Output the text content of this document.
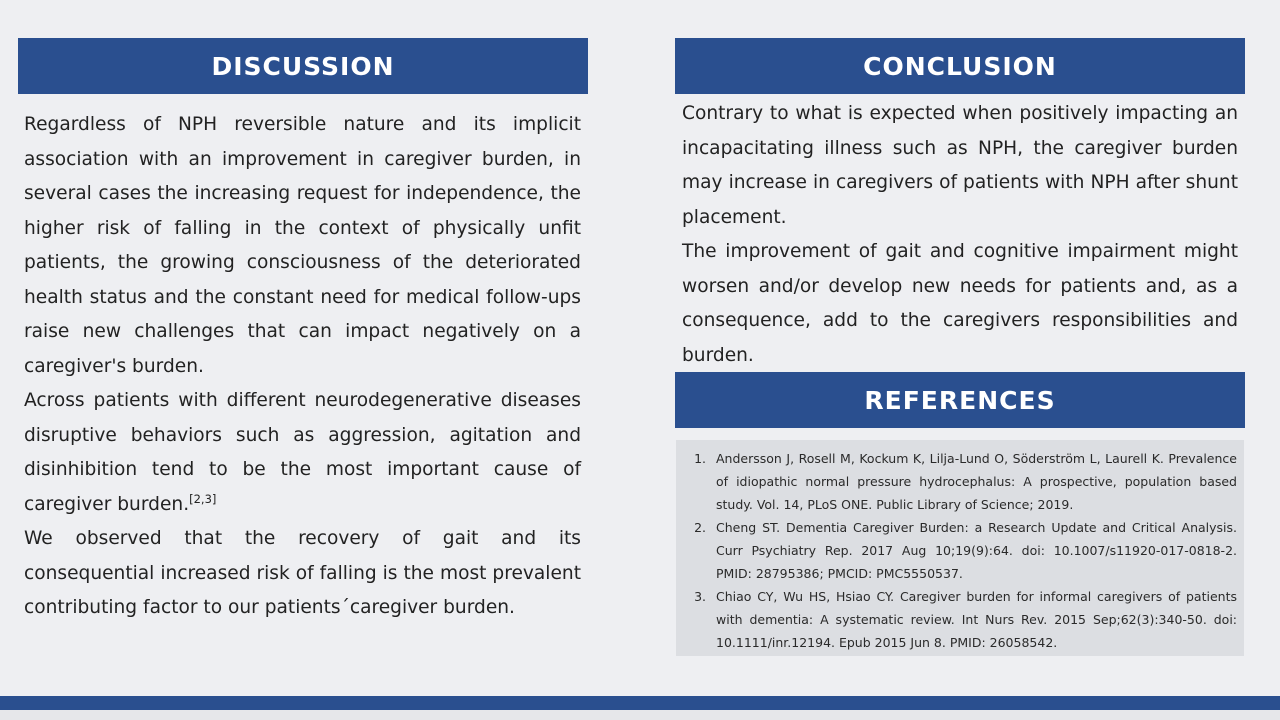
DISCUSSION

Regardless of NPH reversible nature and its implicit association with an improvement in caregiver burden, in several cases the increasing request for independence, the higher risk of falling in the context of physically unfit patients, the growing consciousness of the deteriorated health status and the constant need for medical follow-ups raise new challenges that can impact negatively on a caregiver's burden.

Across patients with different neurodegenerative diseases disruptive behaviors such as aggression, agitation and disinhibition tend to be the most important cause of caregiver burden.[2,3]

We observed that the recovery of gait and its consequential increased risk of falling is the most prevalent contributing factor to our patients´caregiver burden.

CONCLUSION

Contrary to what is expected when positively impacting an incapacitating illness such as NPH, the caregiver burden may increase in caregivers of patients with NPH after shunt placement.

The improvement of gait and cognitive impairment might worsen and/or develop new needs for patients and, as a consequence, add to the caregivers responsibilities and burden.

REFERENCES
1. Andersson J, Rosell M, Kockum K, Lilja-Lund O, Söderström L, Laurell K. Prevalence of idiopathic normal pressure hydrocephalus: A prospective, population based study. Vol. 14, PLoS ONE. Public Library of Science; 2019.
2. Cheng ST. Dementia Caregiver Burden: a Research Update and Critical Analysis. Curr Psychiatry Rep. 2017 Aug 10;19(9):64. doi: 10.1007/s11920-017-0818-2. PMID: 28795386; PMCID: PMC5550537.
3. Chiao CY, Wu HS, Hsiao CY. Caregiver burden for informal caregivers of patients with dementia: A systematic review. Int Nurs Rev. 2015 Sep;62(3):340-50. doi: 10.1111/inr.12194. Epub 2015 Jun 8. PMID: 26058542.
